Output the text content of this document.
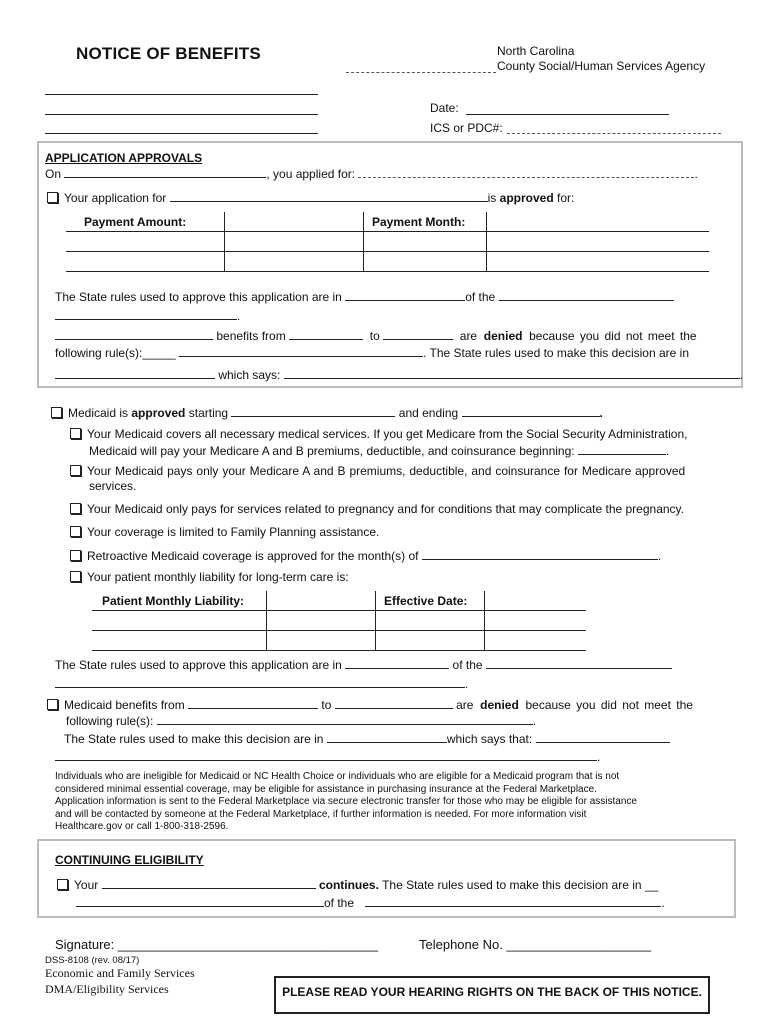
NOTICE OF BENEFITS	North Carolina
County Social/Human Services Agency
Date:
ICS or PDC#:
APPLICATION APPROVALS
On	, you applied for:	.
Your application for	is approved for:
Payment Amount:		Payment Month:	

The State rules used to approve this application are in	of the
.
benefits from	to	are denied because you did not meet the
following rule(s):_____	. The State rules used to make this decision are in
which says:	.
Medicaid is approved starting	and ending	.
Your Medicaid covers all necessary medical services. If you get Medicare from the Social Security Administration,
Medicaid will pay your Medicare A and B premiums, deductible, and coinsurance beginning:	.
Your Medicaid pays only your Medicare A and B premiums, deductible, and coinsurance for Medicare approved
services.
Your Medicaid only pays for services related to pregnancy and for conditions that may complicate the pregnancy.
Your coverage is limited to Family Planning assistance.
Retroactive Medicaid coverage is approved for the month(s) of	.
Your patient monthly liability for long-term care is:
Patient Monthly Liability:		Effective Date:	

The State rules used to approve this application are in	of the
.
Medicaid benefits from	to	are denied because you did not meet the
following rule(s):	.
The State rules used to make this decision are in	which says that:
.
Individuals who are ineligible for Medicaid or NC Health Choice or individuals who are eligible for a Medicaid program that is not
considered minimal essential coverage, may be eligible for assistance in purchasing insurance at the Federal Marketplace.
Application information is sent to the Federal Marketplace via secure electronic transfer for those who may be eligible for assistance
and will be contacted by someone at the Federal Marketplace, if further information is needed. For more information visit
Healthcare.gov or call 1-800-318-2596.
CONTINUING ELIGIBILITY
Your	continues. The State rules used to make this decision are in __
of the	.
Signature: ____________________________________	Telephone No. ____________________
DSS-8108 (rev. 08/17)
Economic and Family Services
DMA/Eligibility Services	PLEASE READ YOUR HEARING RIGHTS ON THE BACK OF THIS NOTICE.
